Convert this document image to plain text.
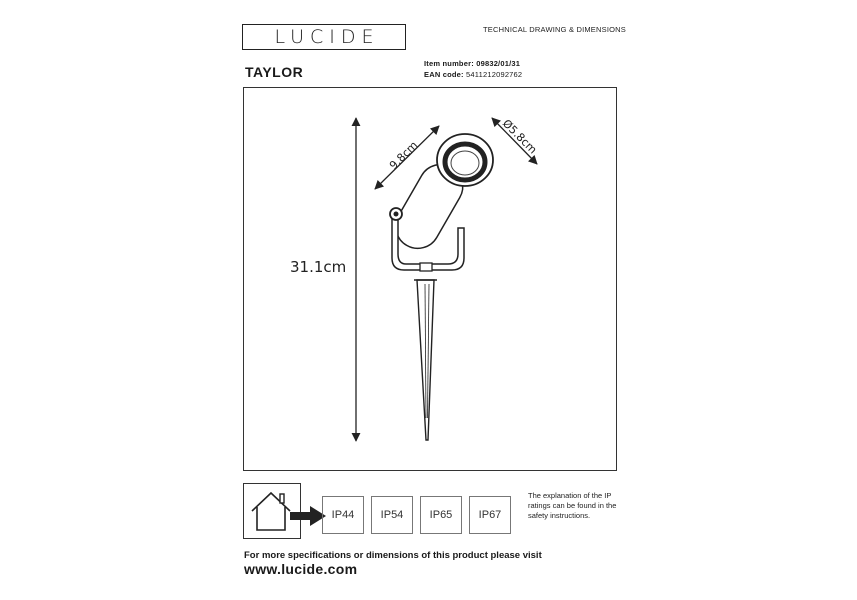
LUCIDE	TECHNICAL DRAWING & DIMENSIONS
TAYLOR
Item number: 09832/01/31
EAN code: 5411212092762
31.1cm
9.8cm	Ø5.8cm
IP44	IP54	IP65	IP67
The explanation of the IP ratings can be found in the safety instructions.
For more specifications or dimensions of this product please visit
www.lucide.com
